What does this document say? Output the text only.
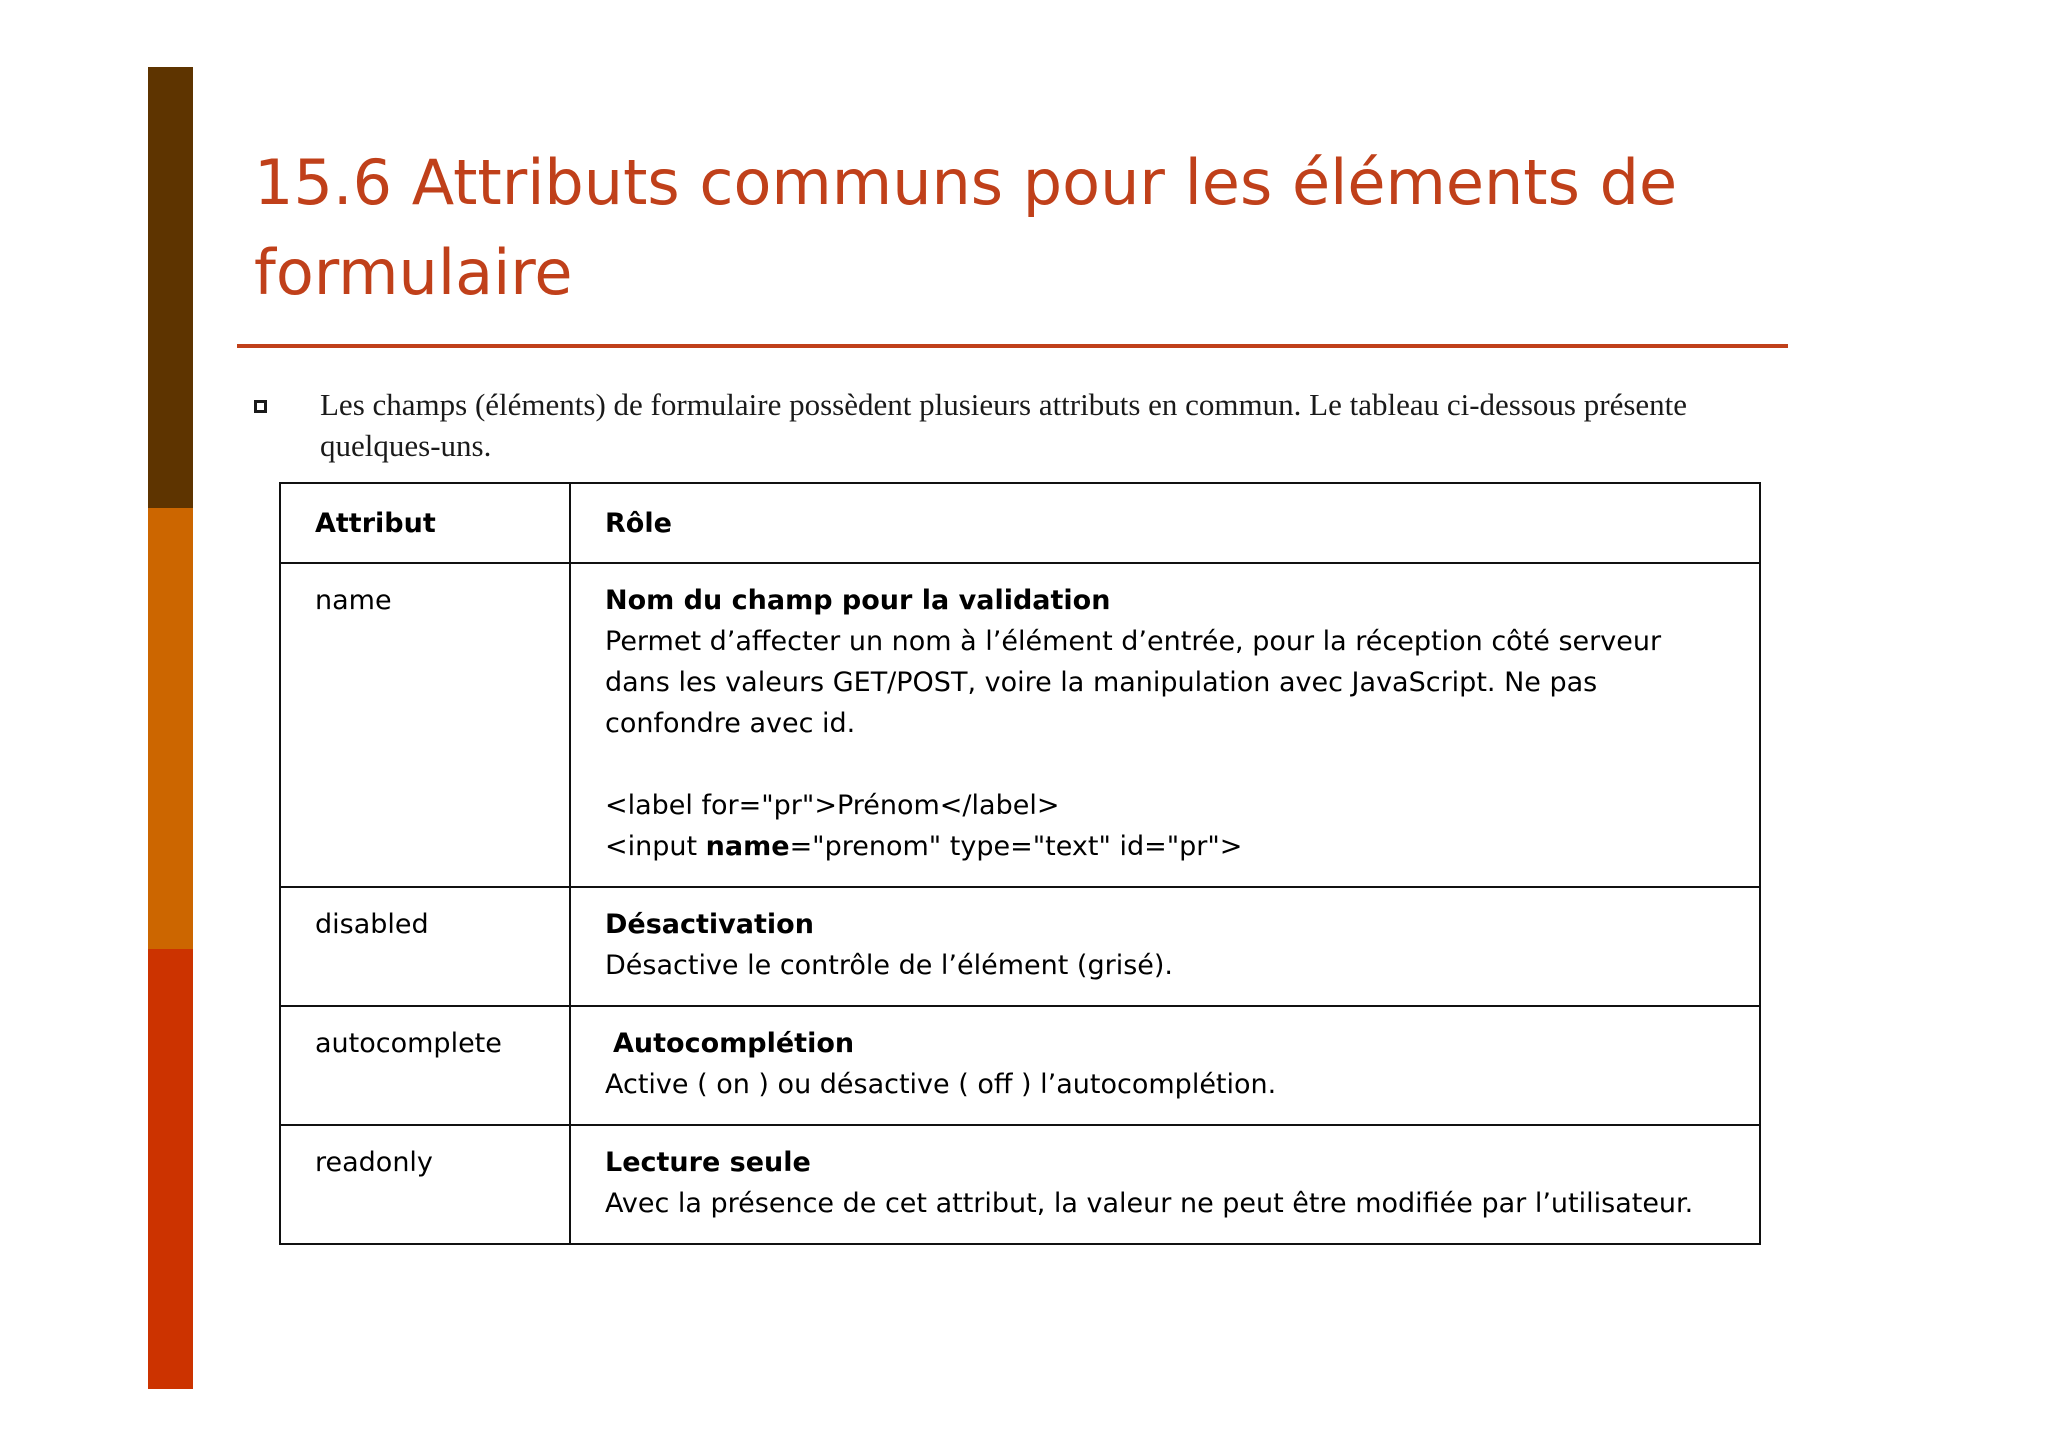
15.6 Attributs communs pour les éléments de formulaire
Les champs (éléments) de formulaire possèdent plusieurs attributs en commun. Le tableau ci-dessous présente quelques-uns.
Attribut	Rôle
name	Nom du champ pour la validation
Permet d’affecter un nom à l’élément d’entrée, pour la réception côté serveur dans les valeurs GET/POST, voire la manipulation avec JavaScript. Ne pas confondre avec id.
<label for="pr">Prénom</label>
<input name="prenom" type="text" id="pr">

disabled	Désactivation
Désactive le contrôle de l’élément (grisé).

autocomplete	Autocomplétion
Active ( on ) ou désactive ( off ) l’autocomplétion.

readonly	Lecture seule
Avec la présence de cet attribut, la valeur ne peut être modifiée par l’utilisateur.
